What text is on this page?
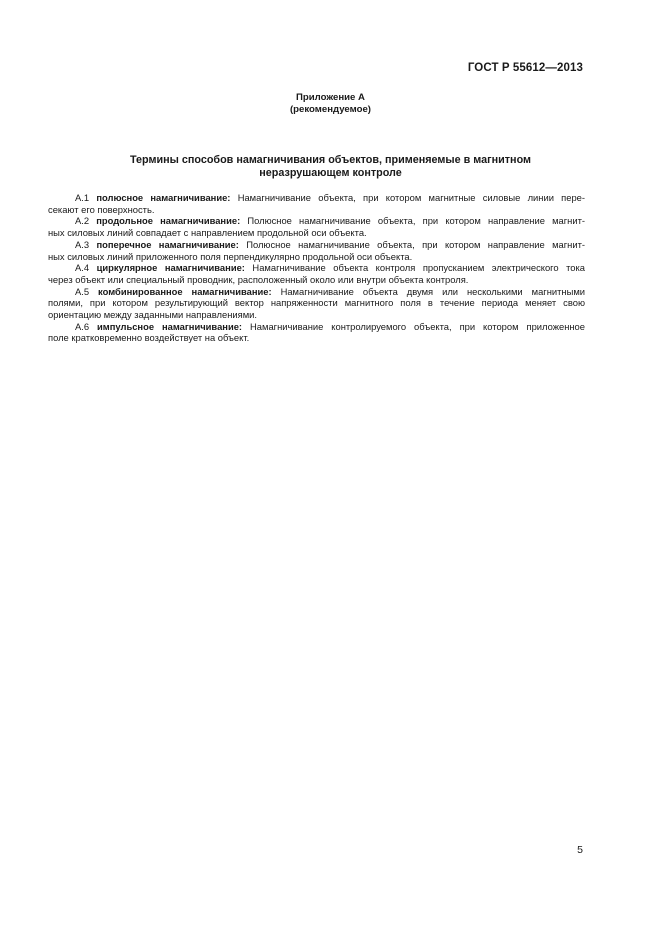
ГОСТ Р 55612—2013
Приложение А
(рекомендуемое)
Термины способов намагничивания объектов, применяемые в магнитном
неразрушающем контроле
А.1 полюсное намагничивание: Намагничивание объекта, при котором магнитные силовые линии пере-
секают его поверхность.
А.2 продольное намагничивание: Полюсное намагничивание объекта, при котором направление магнит-
ных силовых линий совпадает с направлением продольной оси объекта.
А.3 поперечное намагничивание: Полюсное намагничивание объекта, при котором направление магнит-
ных силовых линий приложенного поля перпендикулярно продольной оси объекта.
А.4 циркулярное намагничивание: Намагничивание объекта контроля пропусканием электрического тока
через объект или специальный проводник, расположенный около или внутри объекта контроля.
А.5 комбинированное намагничивание: Намагничивание объекта двумя или несколькими магнитными
полями, при котором результирующий вектор напряженности магнитного поля в течение периода меняет свою
ориентацию между заданными направлениями.
А.6 импульсное намагничивание: Намагничивание контролируемого объекта, при котором приложенное
поле кратковременно воздействует на объект.
5
